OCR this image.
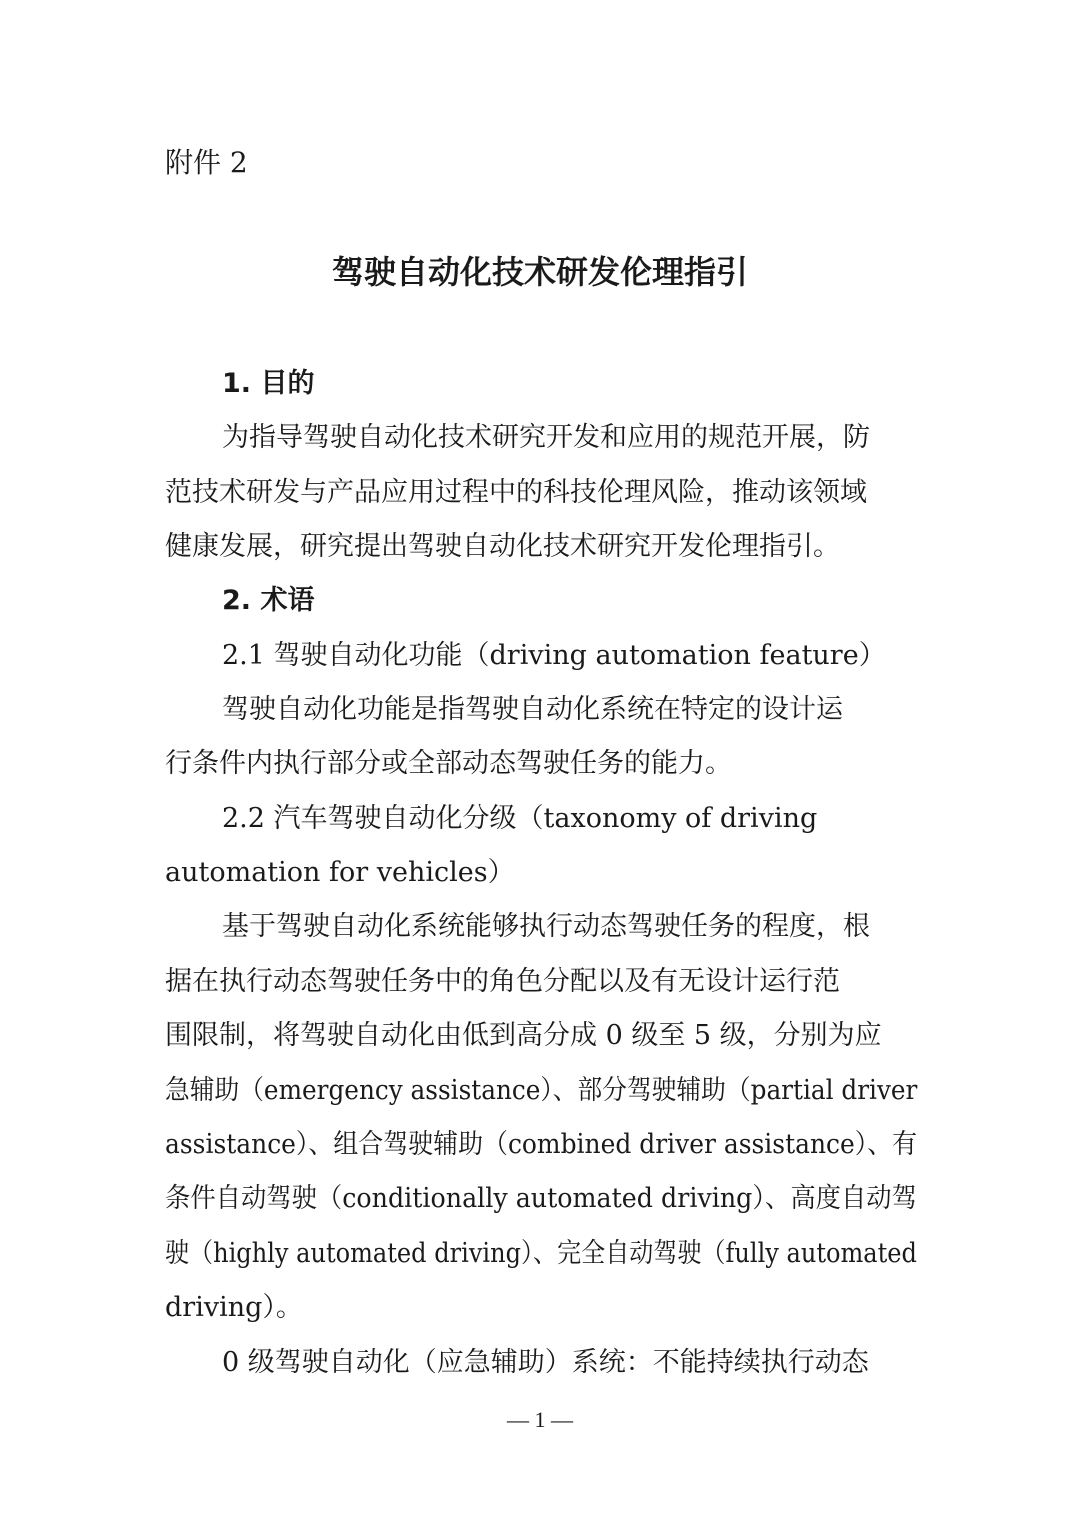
附件 2
驾驶自动化技术研发伦理指引
1. 目的
为指导驾驶自动化技术研究开发和应用的规范开展，防
范技术研发与产品应用过程中的科技伦理风险，推动该领域
健康发展，研究提出驾驶自动化技术研究开发伦理指引。
2. 术语
2.1 驾驶自动化功能（driving automation feature）
驾驶自动化功能是指驾驶自动化系统在特定的设计运
行条件内执行部分或全部动态驾驶任务的能力。
2.2 汽车驾驶自动化分级（taxonomy of driving
automation for vehicles）
基于驾驶自动化系统能够执行动态驾驶任务的程度，根
据在执行动态驾驶任务中的角色分配以及有无设计运行范
围限制，将驾驶自动化由低到高分成 0 级至 5 级，分别为应
急辅助（emergency assistance）、部分驾驶辅助（partial driver
assistance）、组合驾驶辅助（combined driver assistance）、有
条件自动驾驶（conditionally automated driving）、高度自动驾
驶（highly automated driving）、完全自动驾驶（fully automated
driving）。
0 级驾驶自动化（应急辅助）系统：不能持续执行动态
— 1 —
